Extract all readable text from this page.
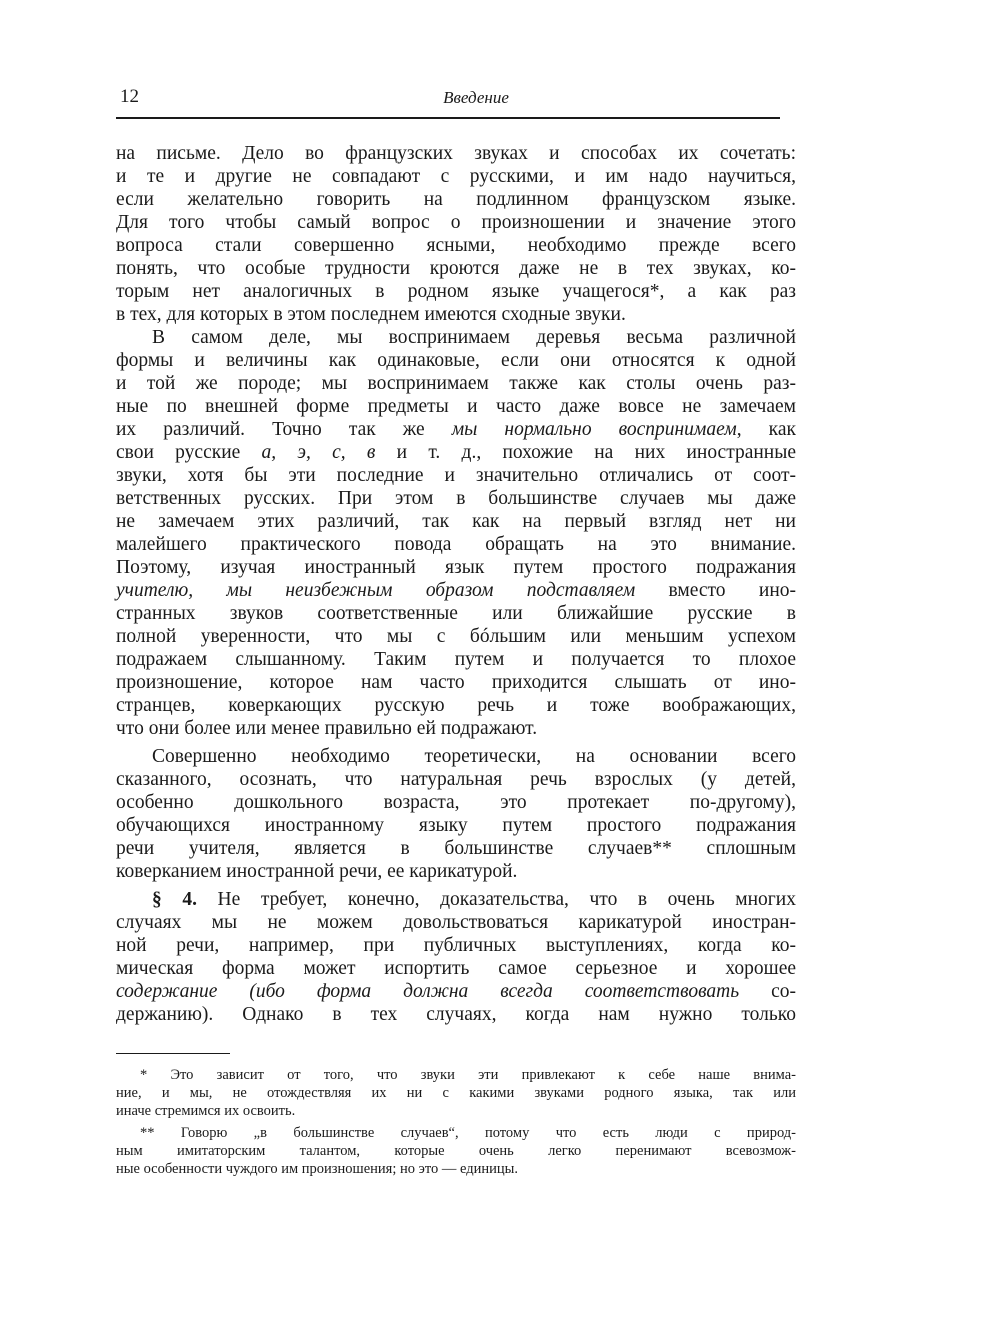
12	Введение
на письме. Дело во французских звуках и способах их сочетать:
и те и другие не совпадают с русскими, и им надо научиться,
если желательно говорить на подлинном французском языке.
Для того чтобы самый вопрос о произношении и значение этого
вопроса стали совершенно ясными, необходимо прежде всего
понять, что особые трудности кроются даже не в тех звуках, ко-
торым нет аналогичных в родном языке учащегося*, а как раз
в тех, для которых в этом последнем имеются сходные звуки.
В самом деле, мы воспринимаем деревья весьма различной
формы и величины как одинаковые, если они относятся к одной
и той же породе; мы воспринимаем также как столы очень раз-
ные по внешней форме предметы и часто даже вовсе не замечаем
их различий. Точно так же мы нормально воспринимаем, как
свои русские а, э, с, в и т. д., похожие на них иностранные
звуки, хотя бы эти последние и значительно отличались от соот-
ветственных русских. При этом в большинстве случаев мы даже
не замечаем этих различий, так как на первый взгляд нет ни
малейшего практического повода обращать на это внимание.
Поэтому, изучая иностранный язык путем простого подражания
учителю, мы неизбежным образом подставляем вместо ино-
странных звуков соответственные или ближайшие русские в
полной уверенности, что мы с бóльшим или меньшим успехом
подражаем слышанному. Таким путем и получается то плохое
произношение, которое нам часто приходится слышать от ино-
странцев, коверкающих русскую речь и тоже воображающих,
что они более или менее правильно ей подражают.
Совершенно необходимо теоретически, на основании всего
сказанного, осознать, что натуральная речь взрослых (у детей,
особенно дошкольного возраста, это протекает по-другому),
обучающихся иностранному языку путем простого подражания
речи учителя, является в большинстве случаев** сплошным
коверканием иностранной речи, ее карикатурой.
§ 4. Не требует, конечно, доказательства, что в очень многих
случаях мы не можем довольствоваться карикатурой иностран-
ной речи, например, при публичных выступлениях, когда ко-
мическая форма может испортить самое серьезное и хорошее
содержание (ибо форма должна всегда соответствовать со-
держанию). Однако в тех случаях, когда нам нужно только
* Это зависит от того, что звуки эти привлекают к себе наше внима-
ние, и мы, не отождествляя их ни с какими звуками родного языка, так или
иначе стремимся их освоить.
** Говорю „в большинстве случаев“, потому что есть люди с природ-
ным имитаторским талантом, которые очень легко перенимают всевозмож-
ные особенности чуждого им произношения; но это — единицы.
